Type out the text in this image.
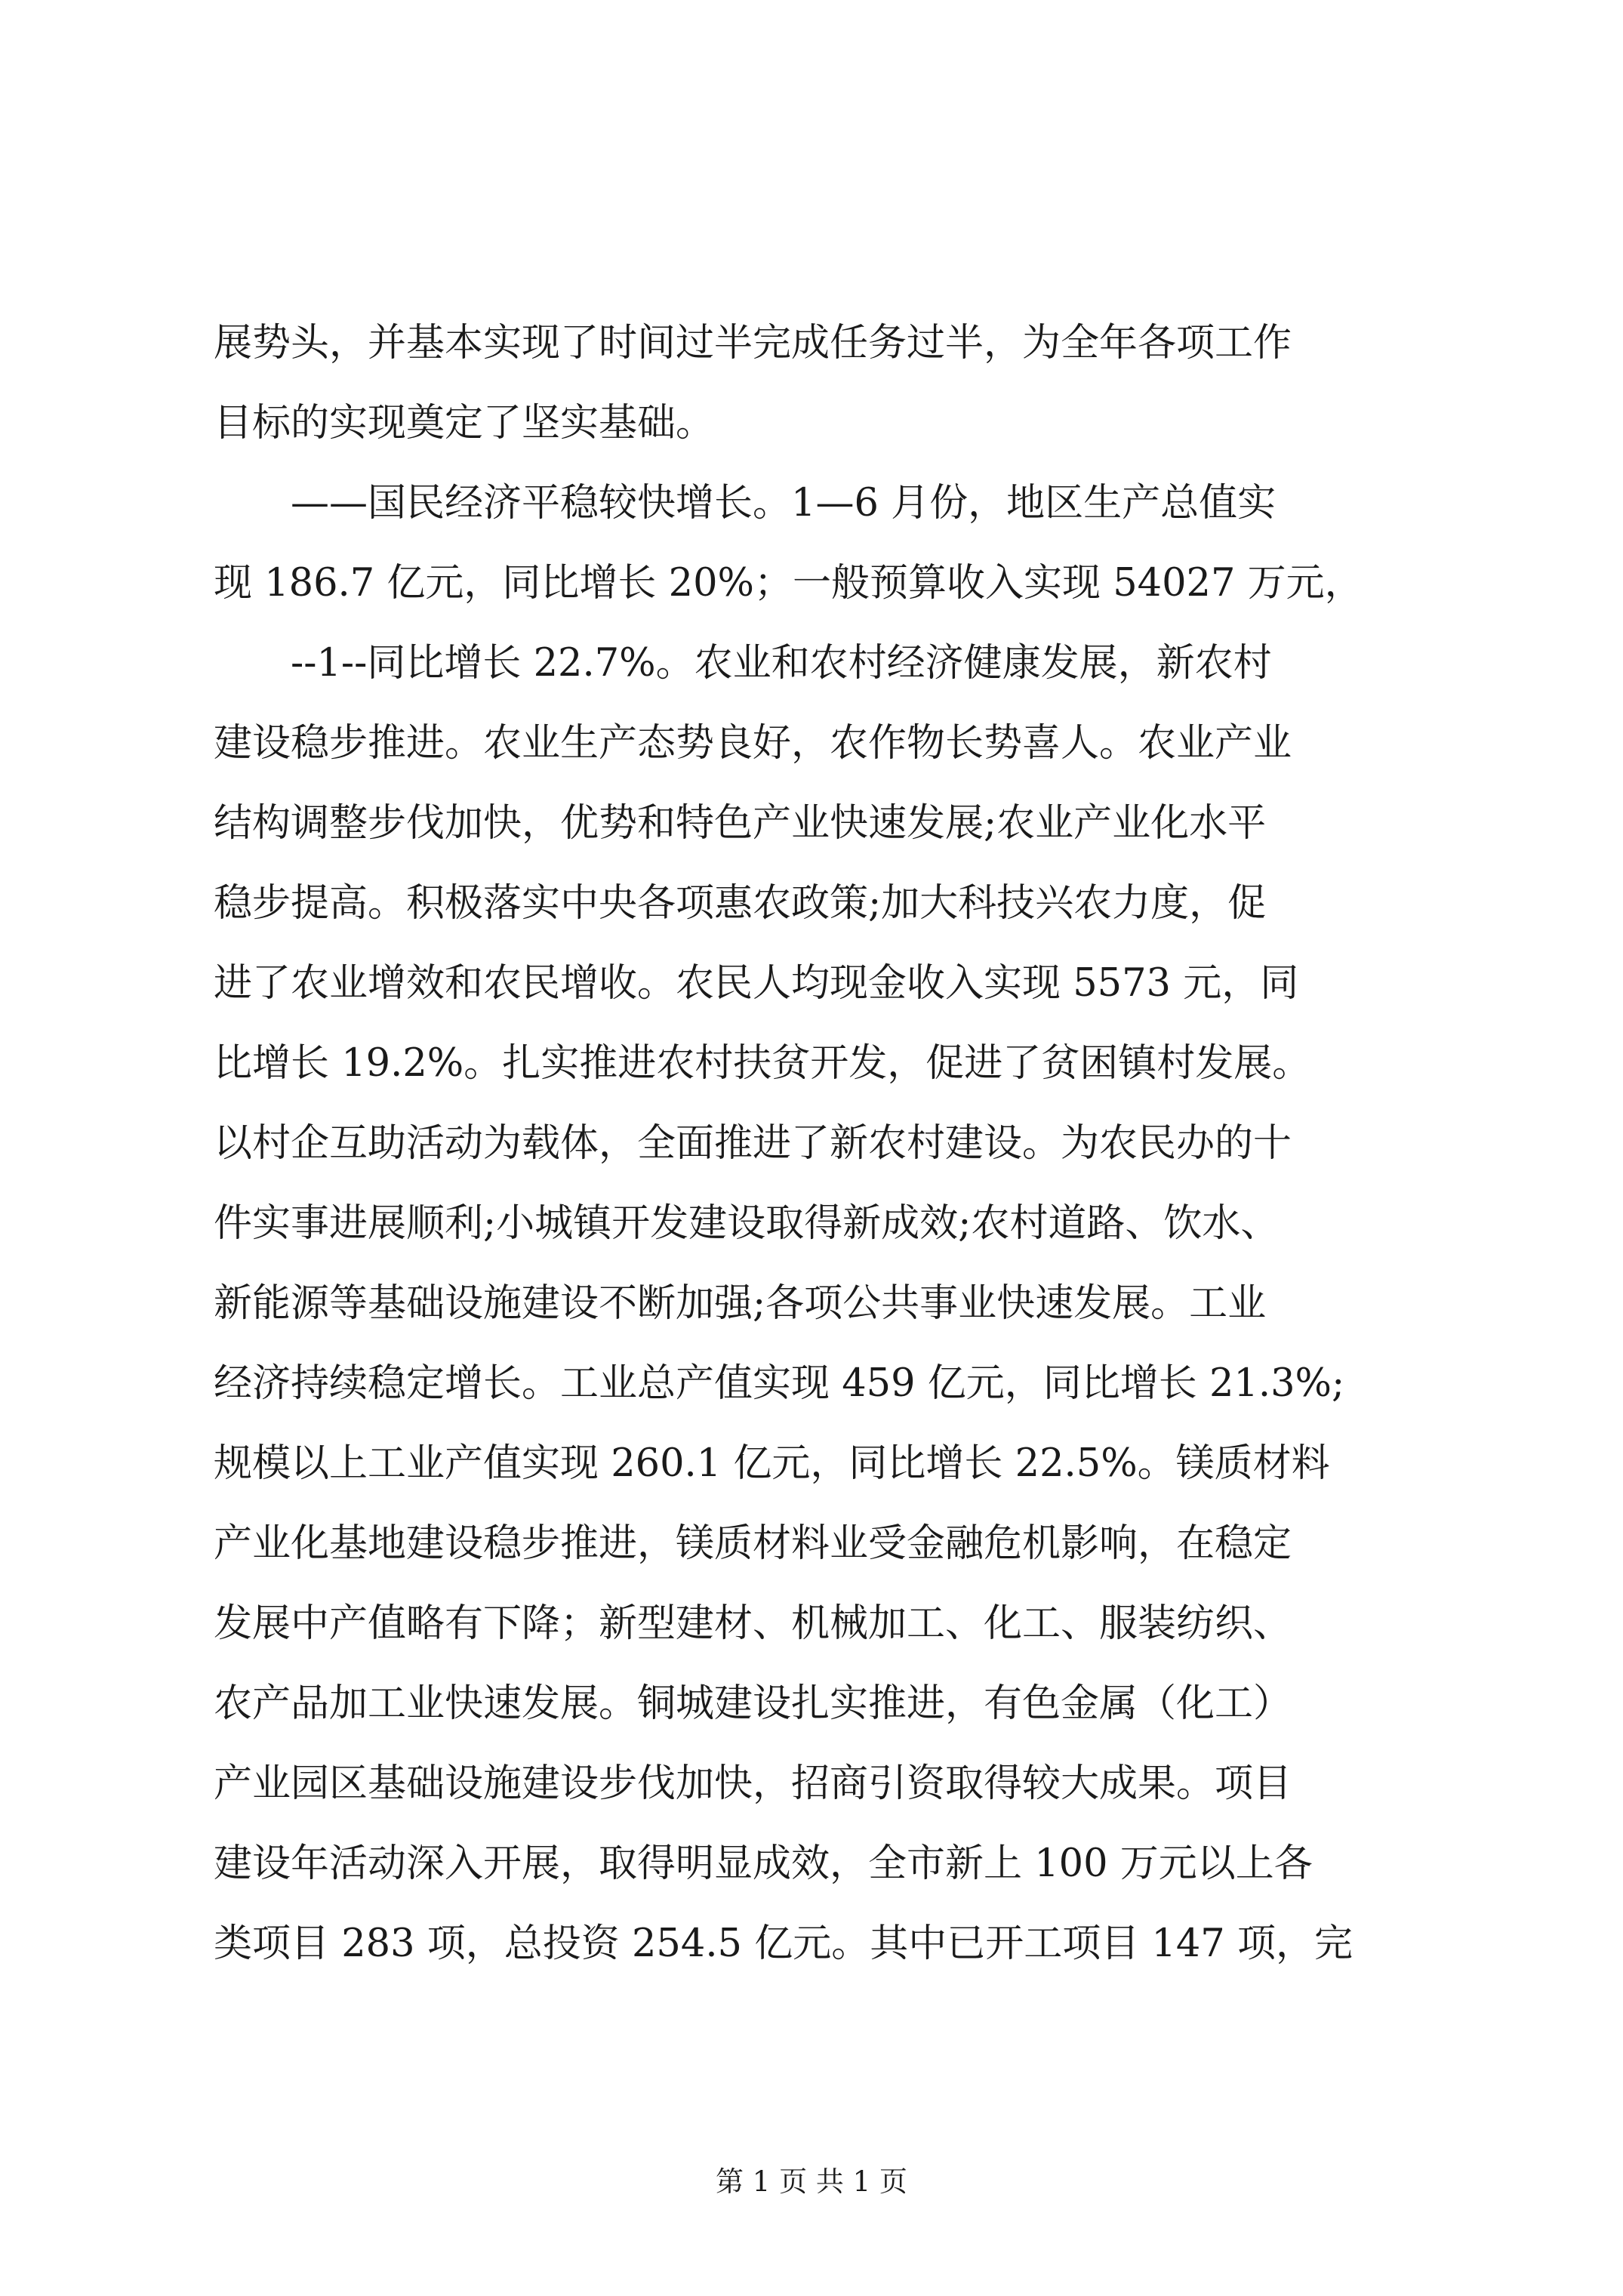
展势头，并基本实现了时间过半完成任务过半，为全年各项工作
目标的实现奠定了坚实基础。
——国民经济平稳较快增长。1—6 月份，地区生产总值实
现 186.7 亿元，同比增长 20%；一般预算收入实现 54027 万元，
--1--同比增长 22.7%。农业和农村经济健康发展，新农村
建设稳步推进。农业生产态势良好，农作物长势喜人。农业产业
结构调整步伐加快，优势和特色产业快速发展;农业产业化水平
稳步提高。积极落实中央各项惠农政策;加大科技兴农力度，促
进了农业增效和农民增收。农民人均现金收入实现 5573 元，同
比增长 19.2%。扎实推进农村扶贫开发，促进了贫困镇村发展。
以村企互助活动为载体，全面推进了新农村建设。为农民办的十
件实事进展顺利;小城镇开发建设取得新成效;农村道路、饮水、
新能源等基础设施建设不断加强;各项公共事业快速发展。工业
经济持续稳定增长。工业总产值实现 459 亿元，同比增长 21.3%;
规模以上工业产值实现 260.1 亿元，同比增长 22.5%。镁质材料
产业化基地建设稳步推进，镁质材料业受金融危机影响，在稳定
发展中产值略有下降；新型建材、机械加工、化工、服装纺织、
农产品加工业快速发展。铜城建设扎实推进，有色金属（化工）
产业园区基础设施建设步伐加快，招商引资取得较大成果。项目
建设年活动深入开展，取得明显成效，全市新上 100 万元以上各
类项目 283 项，总投资 254.5 亿元。其中已开工项目 147 项，完
第 1 页 共 1 页
